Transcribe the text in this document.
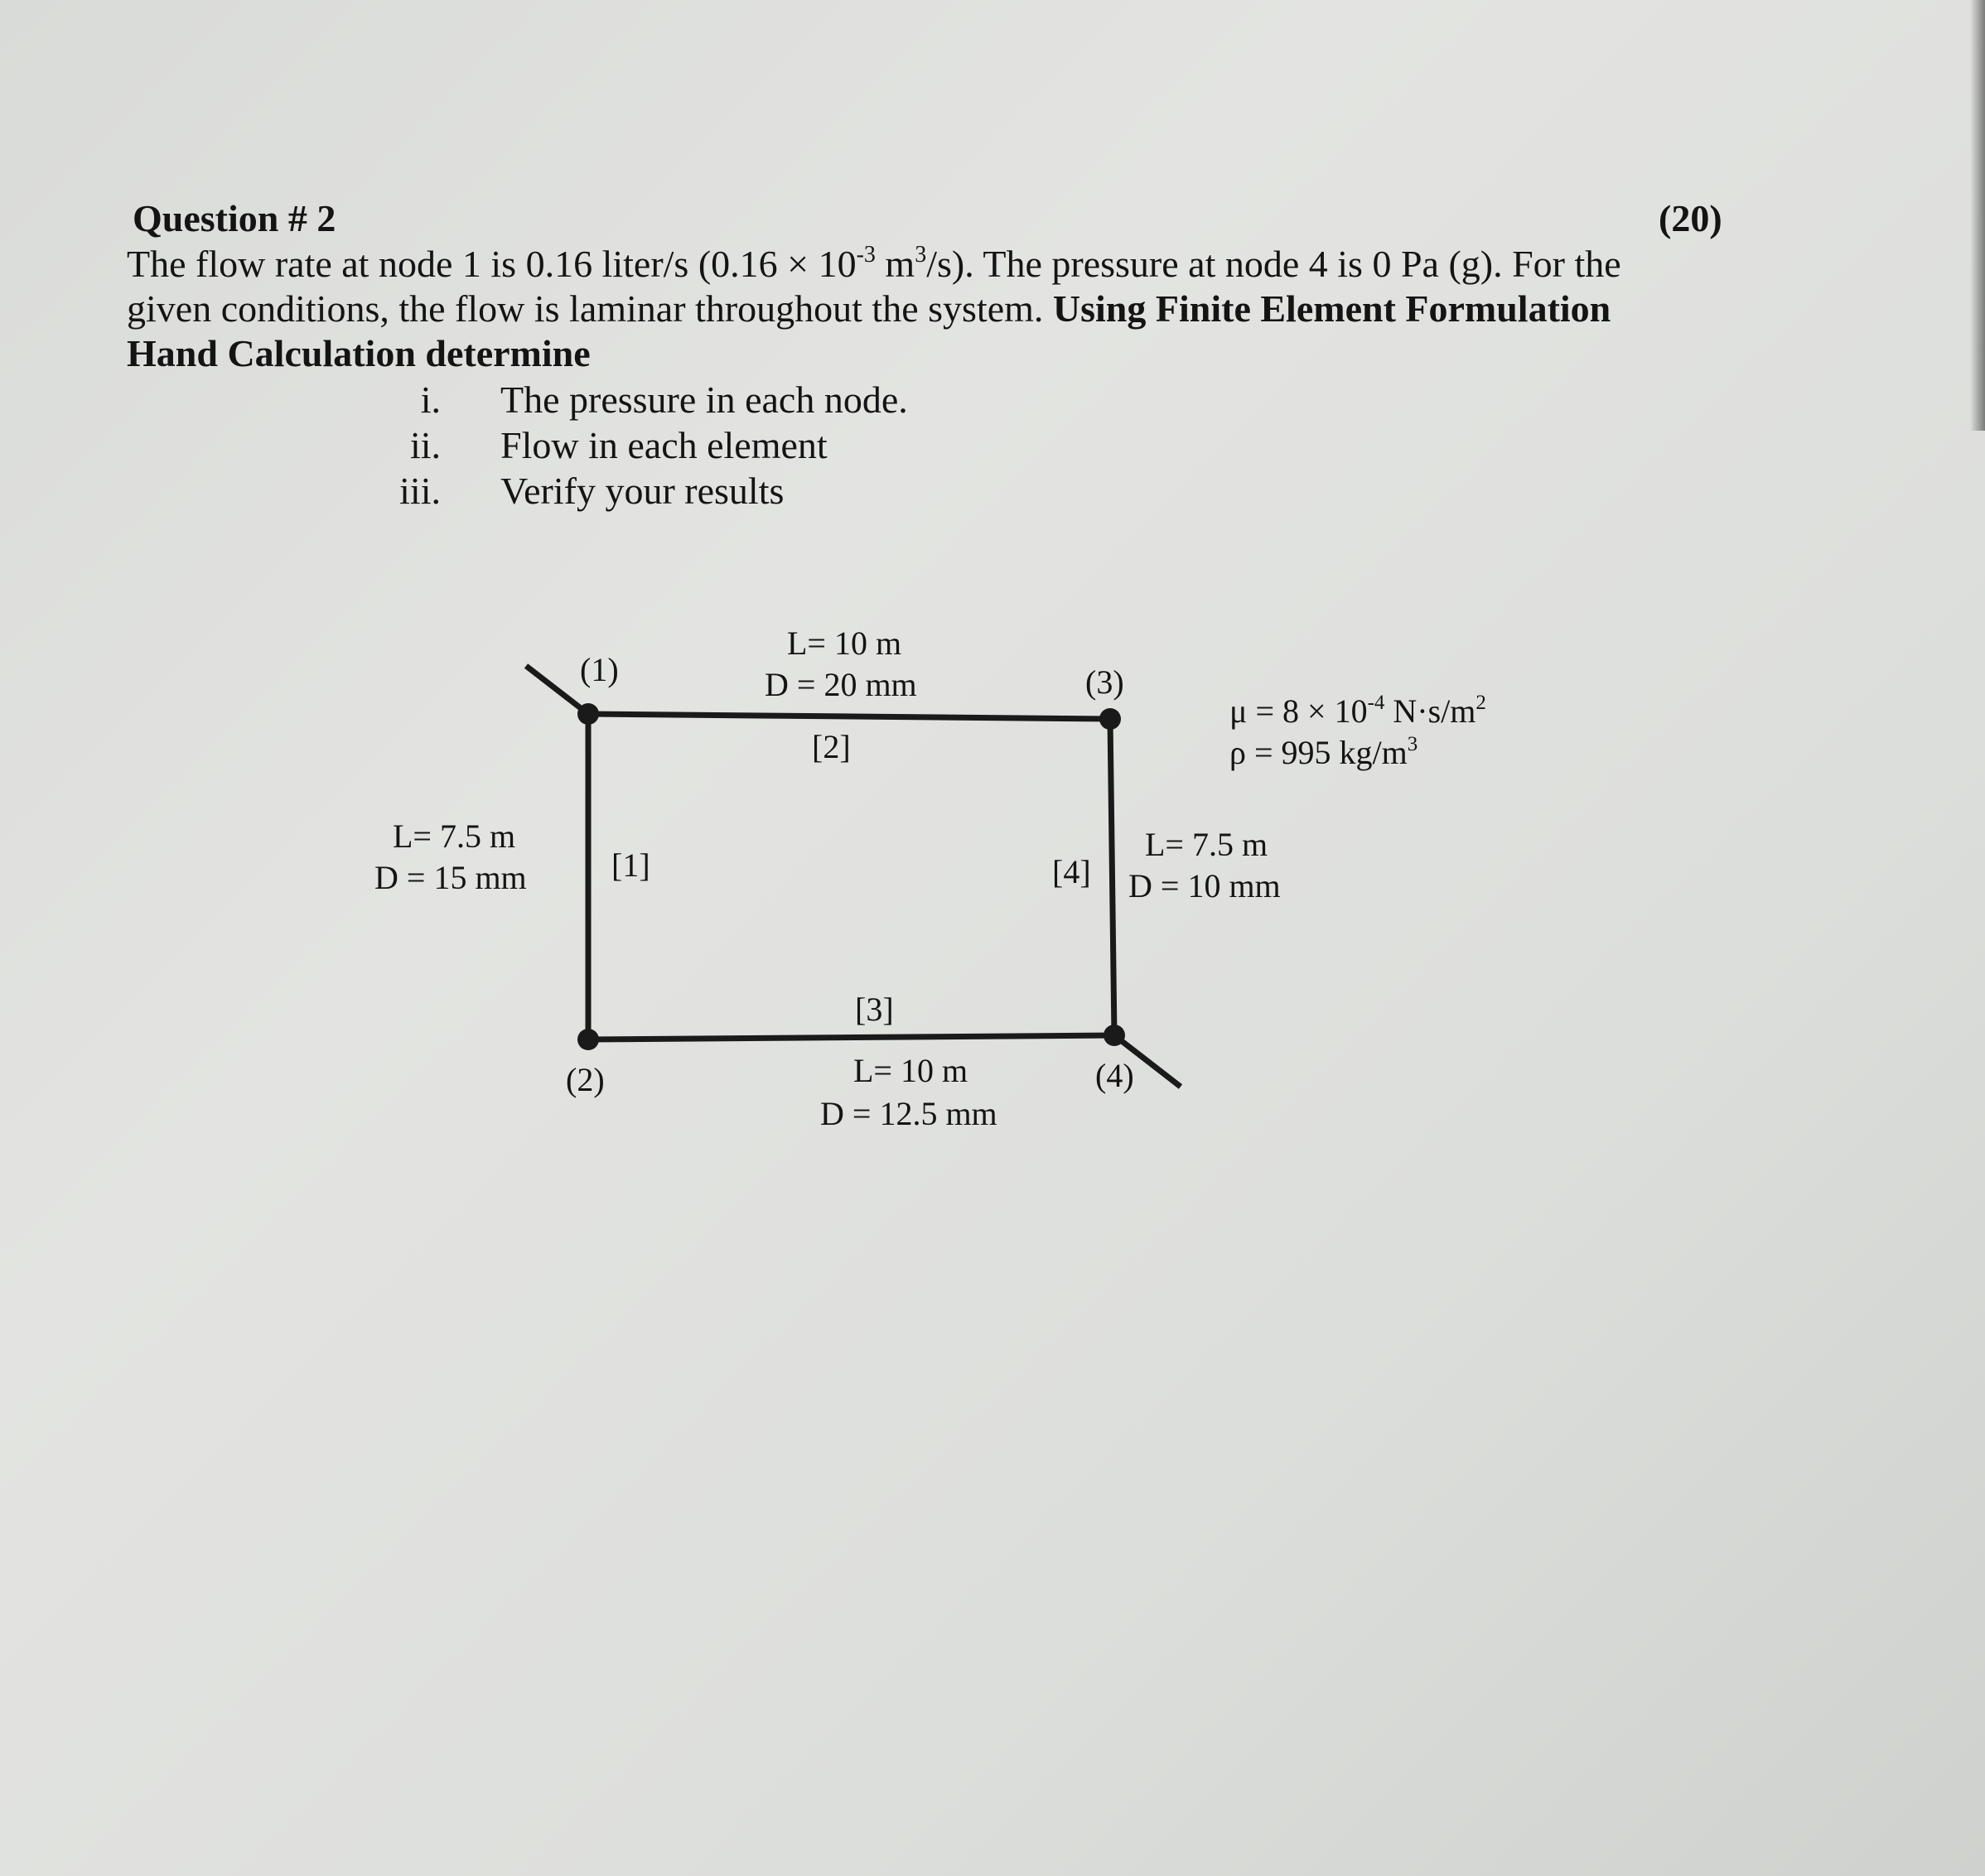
Question # 2	(20)
The flow rate at node 1 is 0.16 liter/s ($0.16 \times 10^{-3}$ $m^3/s$). The pressure at node 4 is 0 Pa (g). For the
given conditions, the flow is laminar throughout the system. Using Finite Element Formulation
Hand Calculation determine
i. The pressure in each node.
ii. Flow in each element
iii. Verify your results
(1)	(3)
(2)	(4)
[1]
[2]
[3]
[4]
L= 10 m
D = 20 mm
L= 7.5 m
D = 15 mm
L= 7.5 m
D = 10 mm
L= 10 m
D = 12.5 mm
$\mu = 8 \times 10^{-4}$ $N\cdot s/m^2$
ρ = 995 $kg/m^3$
